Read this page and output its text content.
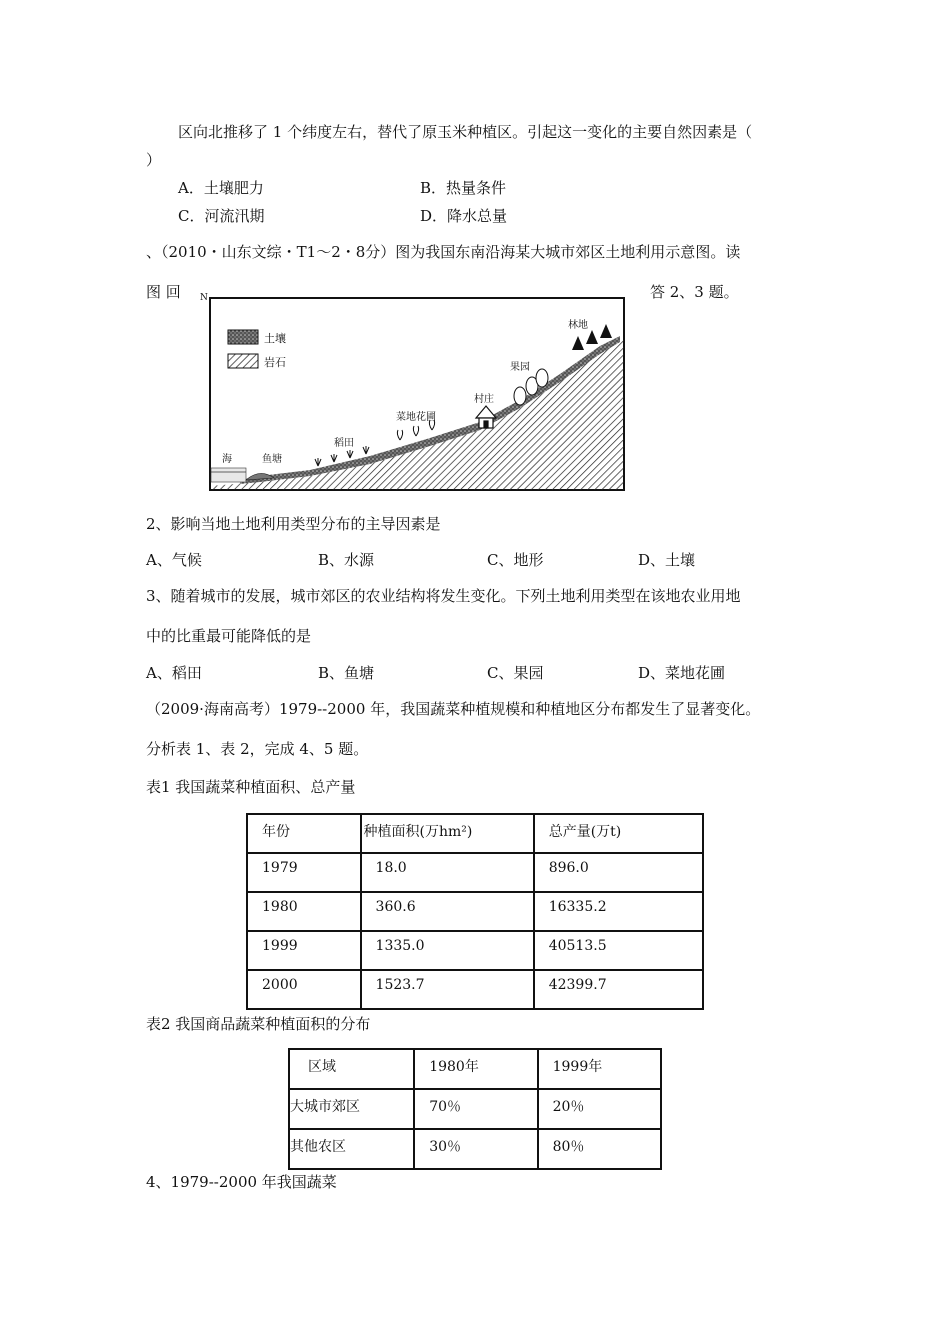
区向北推移了 1 个纬度左右，替代了原玉米种植区。引起这一变化的主要自然因素是（
）
A．土壤肥力	B．热量条件
C．河流汛期	D．降水总量
、（2010・山东文综・T1～2・8分）图为我国东南沿海某大城市郊区土地利用示意图。读
图 回	答 2、3 题。
N
土壤
岩石
海	鱼塘
稻田
菜地花圃
村庄
果园
林地
2、影响当地土地利用类型分布的主导因素是
A、气候	B、水源	C、地形	D、土壤
3、随着城市的发展，城市郊区的农业结构将发生变化。下列土地利用类型在该地农业用地
中的比重最可能降低的是
A、稻田	B、鱼塘	C、果园	D、菜地花圃
（2009·海南高考）1979--2000 年，我国蔬菜种植规模和种植地区分布都发生了显著变化。
分析表 1、表 2，完成 4、5 题。
表1 我国蔬菜种植面积、总产量
年份	种植面积(万hm²)	总产量(万t)
1979	18.0	896.0
1980	360.6	16335.2
1999	1335.0	40513.5
2000	1523.7	42399.7
表2 我国商品蔬菜种植面积的分布
区域	1980年	1999年
大城市郊区	70％	20％
其他农区	30％	80％
4、1979--2000 年我国蔬菜
